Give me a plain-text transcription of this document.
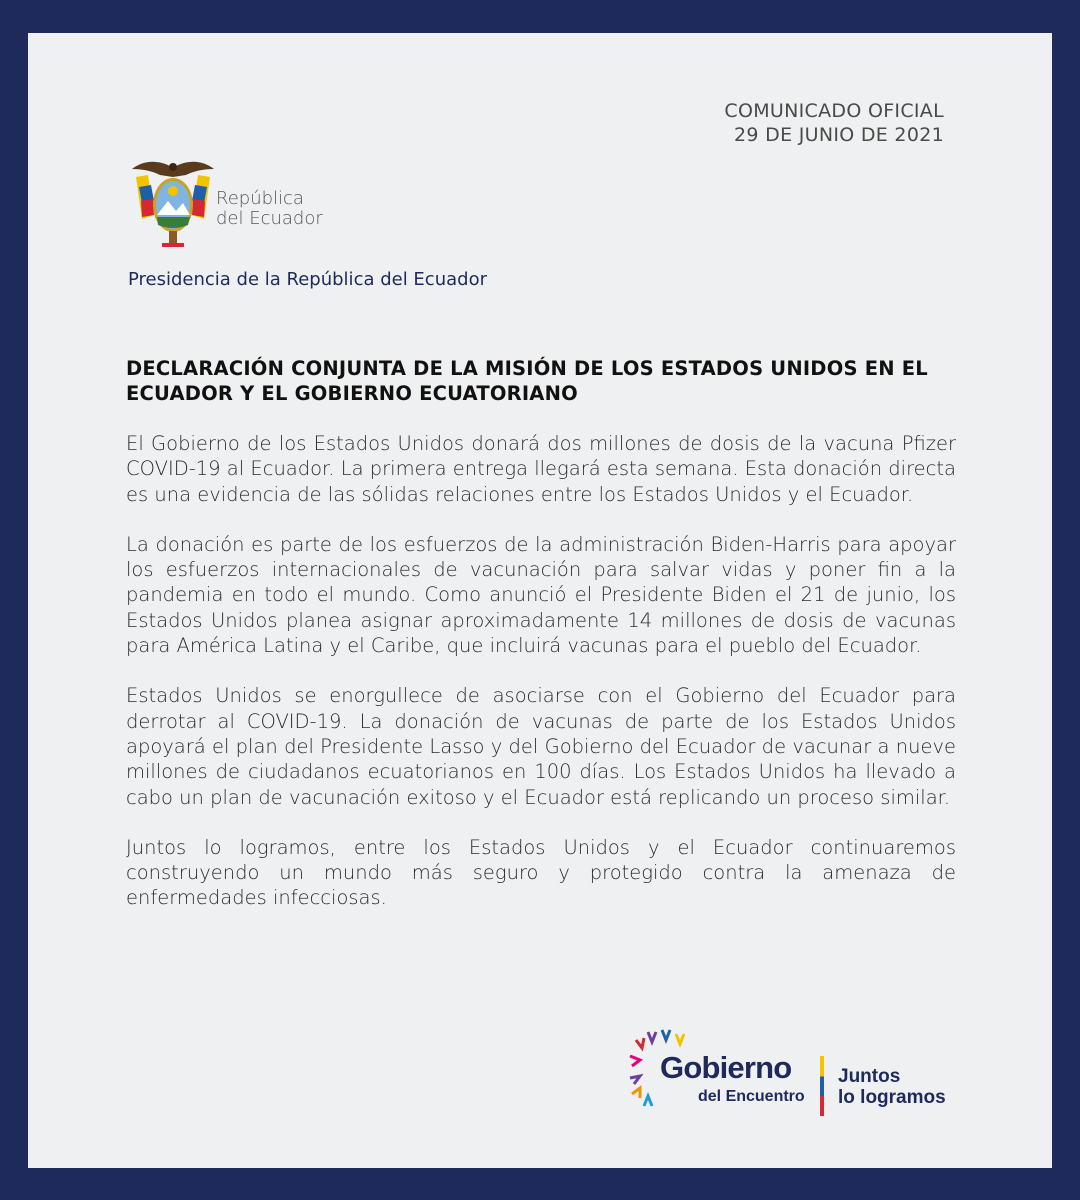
COMUNICADO OFICIAL
29 DE JUNIO DE 2021
República
del Ecuador
Presidencia de la República del Ecuador
DECLARACIÓN CONJUNTA DE LA MISIÓN DE LOS ESTADOS UNIDOS EN EL ECUADOR Y EL GOBIERNO ECUATORIANO

El Gobierno de los Estados Unidos donará dos millones de dosis de la vacuna Pfizer COVID-19 al Ecuador. La primera entrega llegará esta semana. Esta donación directa es una evidencia de las sólidas relaciones entre los Estados Unidos y el Ecuador.

La donación es parte de los esfuerzos de la administración Biden-Harris para apoyar los esfuerzos internacionales de vacunación para salvar vidas y poner fin a la pandemia en todo el mundo. Como anunció el Presidente Biden el 21 de junio, los Estados Unidos planea asignar aproximadamente 14 millones de dosis de vacunas para América Latina y el Caribe, que incluirá vacunas para el pueblo del Ecuador.

Estados Unidos se enorgullece de asociarse con el Gobierno del Ecuador para derrotar al COVID-19. La donación de vacunas de parte de los Estados Unidos apoyará el plan del Presidente Lasso y del Gobierno del Ecuador de vacunar a nueve millones de ciudadanos ecuatorianos en 100 días. Los Estados Unidos ha llevado a cabo un plan de vacunación exitoso y el Ecuador está replicando un proceso similar.

Juntos lo logramos, entre los Estados Unidos y el Ecuador continuaremos construyendo un mundo más seguro y protegido contra la amenaza de enfermedades infecciosas.

Gobierno
del Encuentro
Juntos
lo logramos
